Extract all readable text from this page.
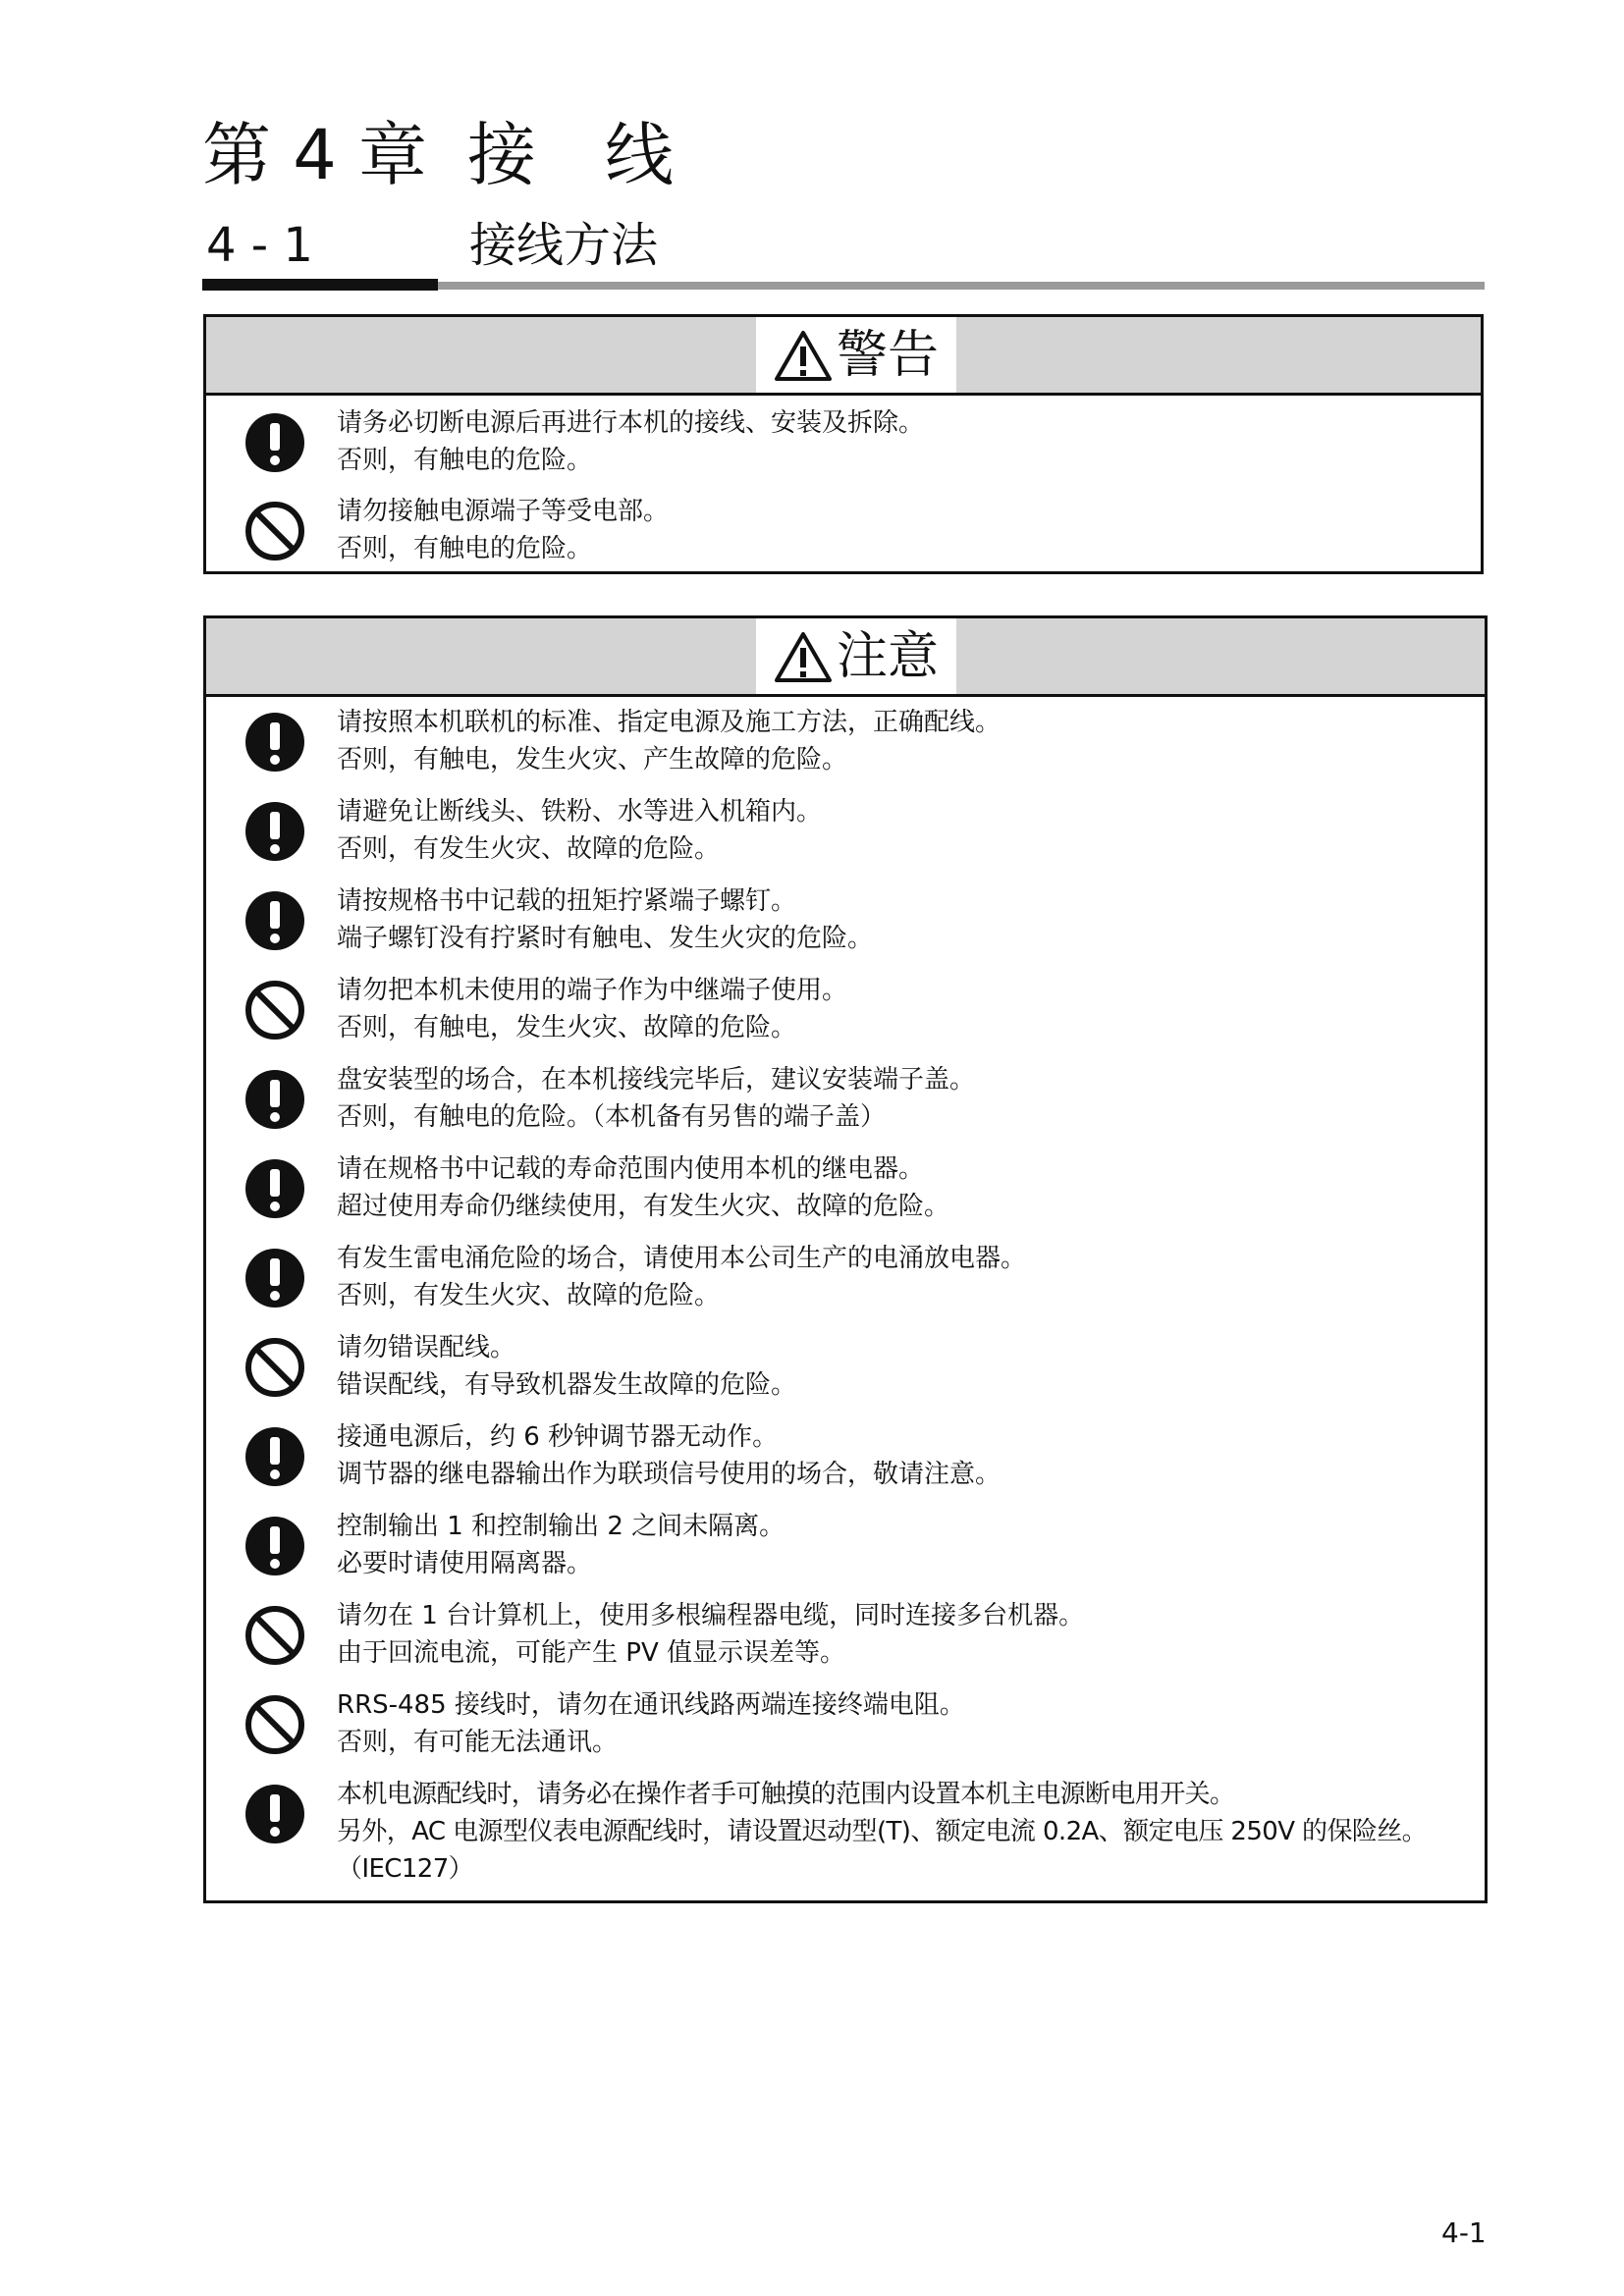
第 4 章 接　线
4 - 1	接线方法
警告

请务必切断电源后再进行本机的接线、安装及拆除。

否则，有触电的危险。

请勿接触电源端子等受电部。

否则，有触电的危险。

注意

请按照本机联机的标准、指定电源及施工方法，正确配线。

否则，有触电，发生火灾、产生故障的危险。

请避免让断线头、铁粉、水等进入机箱内。

否则，有发生火灾、故障的危险。

请按规格书中记载的扭矩拧紧端子螺钉。

端子螺钉没有拧紧时有触电、发生火灾的危险。

请勿把本机未使用的端子作为中继端子使用。

否则，有触电，发生火灾、故障的危险。

盘安装型的场合，在本机接线完毕后，建议安装端子盖。

否则，有触电的危险。（本机备有另售的端子盖）

请在规格书中记载的寿命范围内使用本机的继电器。

超过使用寿命仍继续使用，有发生火灾、故障的危险。

有发生雷电涌危险的场合，请使用本公司生产的电涌放电器。

否则，有发生火灾、故障的危险。

请勿错误配线。

错误配线，有导致机器发生故障的危险。

接通电源后，约 6 秒钟调节器无动作。

调节器的继电器输出作为联琐信号使用的场合，敬请注意。

控制输出 1 和控制输出 2 之间未隔离。

必要时请使用隔离器。

请勿在 1 台计算机上，使用多根编程器电缆，同时连接多台机器。

由于回流电流，可能产生 PV 值显示误差等。

RRS-485 接线时，请勿在通讯线路两端连接终端电阻。

否则，有可能无法通讯。

本机电源配线时，请务必在操作者手可触摸的范围内设置本机主电源断电用开关。

另外，AC 电源型仪表电源配线时，请设置迟动型(T)、额定电流 0.2A、额定电压 250V 的保险丝。

（IEC127）

4-1
